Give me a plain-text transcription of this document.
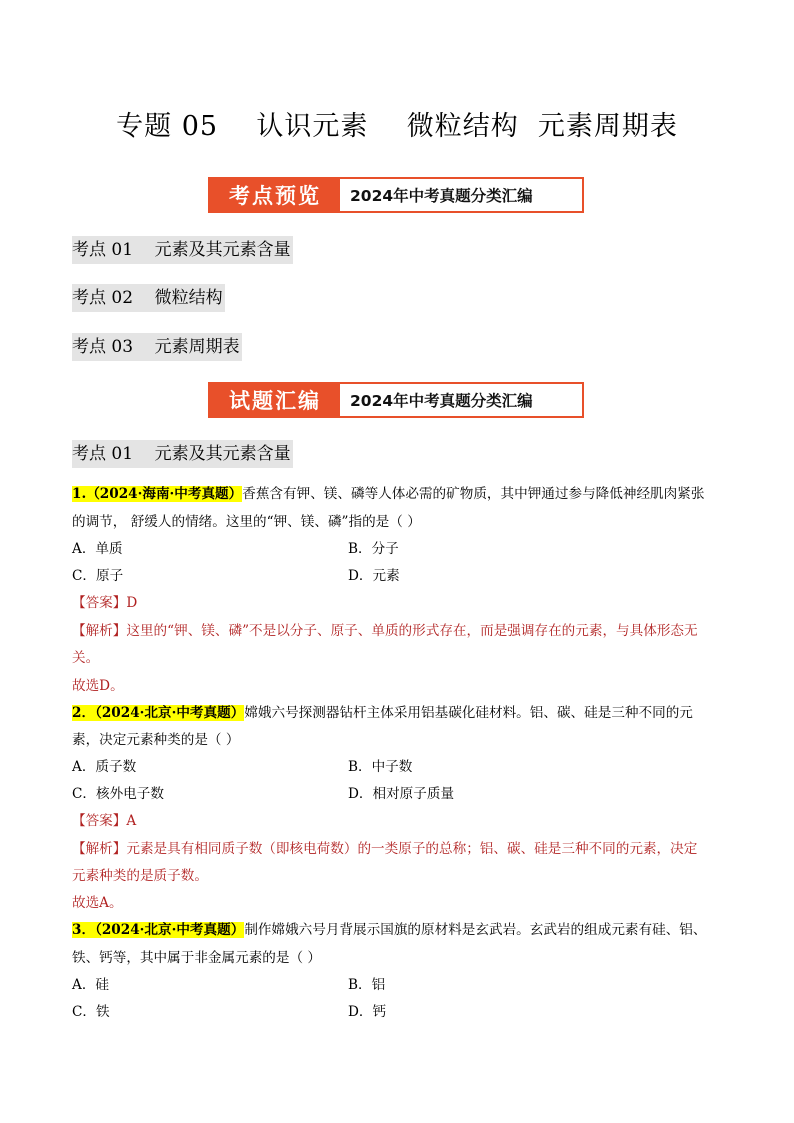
专题 05    认识元素    微粒结构  元素周期表
考点预览	2024年中考真题分类汇编
考点 01    元素及其元素含量
考点 02    微粒结构
考点 03    元素周期表
试题汇编	2024年中考真题分类汇编
考点 01    元素及其元素含量
1.（2024·海南·中考真题）香蕉含有钾、镁、磷等人体必需的矿物质，其中钾通过参与降低神经肌肉紧张
的调节， 舒缓人的情绪。这里的“钾、镁、磷”指的是（ ）
A．单质	B．分子
C．原子	D．元素
【答案】D
【解析】这里的“钾、镁、磷”不是以分子、原子、单质的形式存在，而是强调存在的元素，与具体形态无
关。
故选D。
2．（2024·北京·中考真题）嫦娥六号探测器钻杆主体采用铝基碳化硅材料。铝、碳、硅是三种不同的元
素，决定元素种类的是（ ）
A．质子数	B．中子数
C．核外电子数	D．相对原子质量
【答案】A
【解析】元素是具有相同质子数（即核电荷数）的一类原子的总称；铝、碳、硅是三种不同的元素，决定
元素种类的是质子数。
故选A。
3．（2024·北京·中考真题）制作嫦娥六号月背展示国旗的原材料是玄武岩。玄武岩的组成元素有硅、铝、
铁、钙等，其中属于非金属元素的是（ ）
A．硅	B．铝
C．铁	D．钙
